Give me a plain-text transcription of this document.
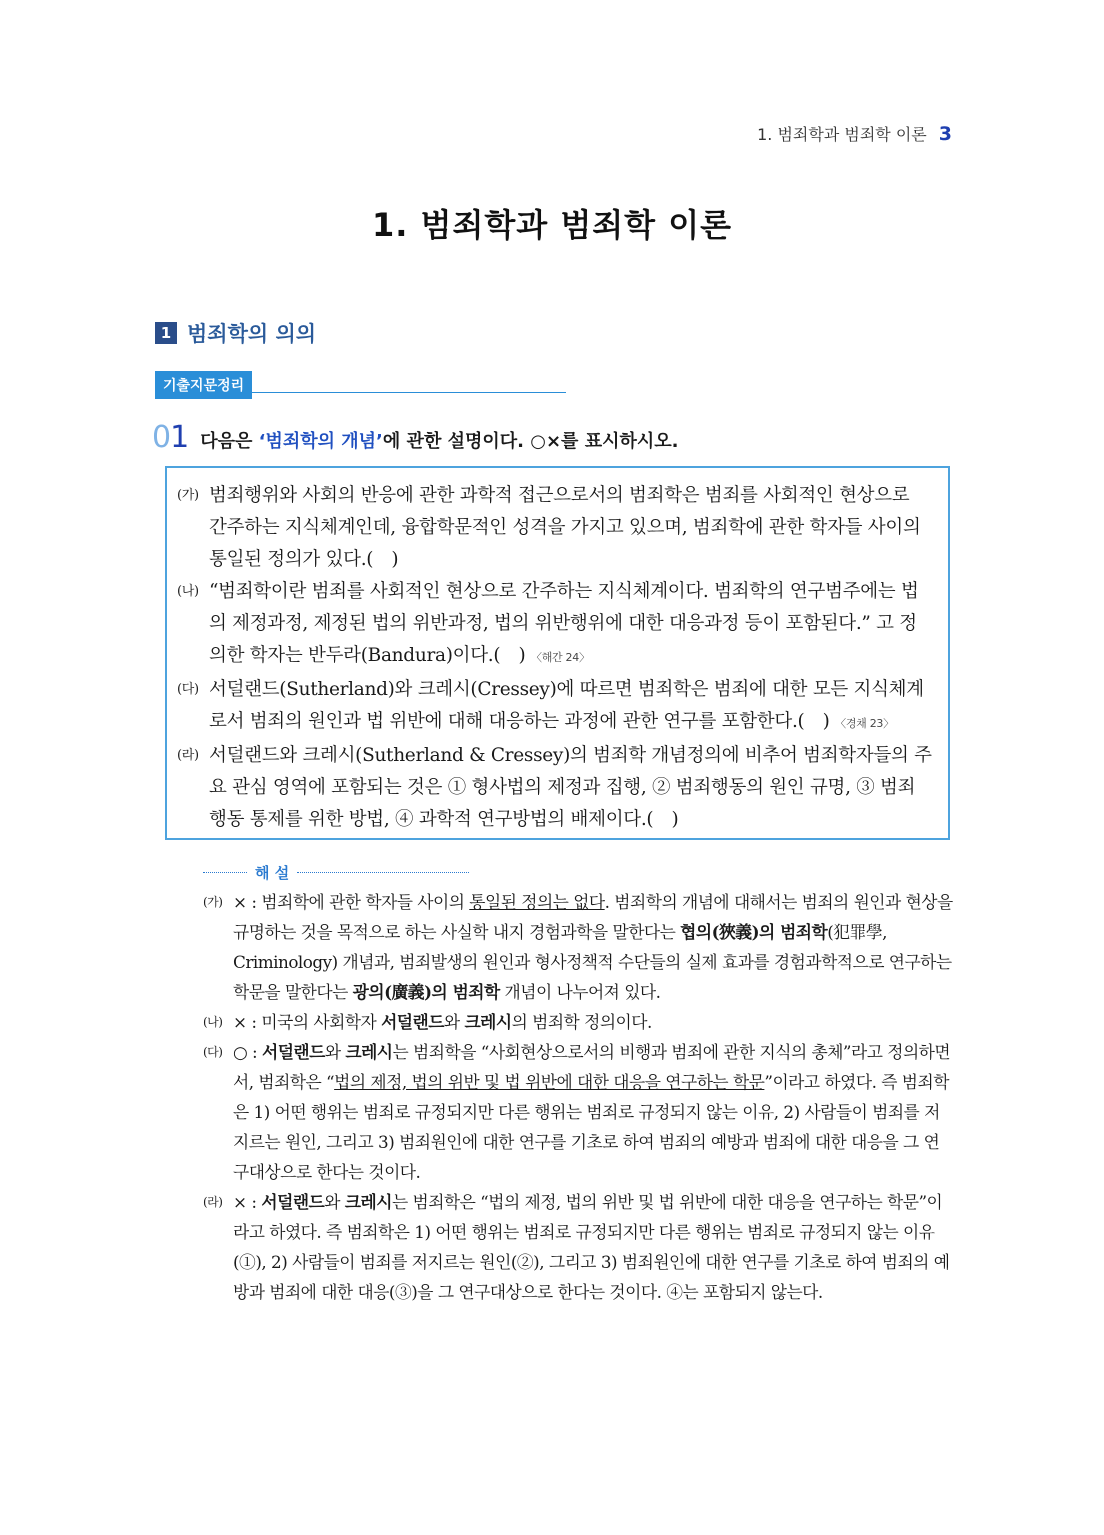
1. 범죄학과 범죄학 이론 3
1. 범죄학과 범죄학 이론
1 범죄학의 의의
기출지문정리
01 다음은 ‘범죄학의 개념’에 관한 설명이다. ○×를 표시하시오.
(가) 범죄행위와 사회의 반응에 관한 과학적 접근으로서의 범죄학은 범죄를 사회적인 현상으로 간주하는 지식체계인데, 융합학문적인 성격을 가지고 있으며, 범죄학에 관한 학자들 사이의 통일된 정의가 있다.(　)
(나) “범죄학이란 범죄를 사회적인 현상으로 간주하는 지식체계이다. 범죄학의 연구범주에는 법의 제정과정, 제정된 법의 위반과정, 법의 위반행위에 대한 대응과정 등이 포함된다.” 고 정의한 학자는 반두라(Bandura)이다.(　) 〈해간 24〉
(다) 서덜랜드(Sutherland)와 크레시(Cressey)에 따르면 범죄학은 범죄에 대한 모든 지식체계로서 범죄의 원인과 법 위반에 대해 대응하는 과정에 관한 연구를 포함한다.(　) 〈경채 23〉
(라) 서덜랜드와 크레시(Sutherland & Cressey)의 범죄학 개념정의에 비추어 범죄학자들의 주요 관심 영역에 포함되는 것은 ① 형사법의 제정과 집행, ② 범죄행동의 원인 규명, ③ 범죄행동 통제를 위한 방법, ④ 과학적 연구방법의 배제이다.(　)
해 설
(가) × : 범죄학에 관한 학자들 사이의 통일된 정의는 없다. 범죄학의 개념에 대해서는 범죄의 원인과 현상을 규명하는 것을 목적으로 하는 사실학 내지 경험과학을 말한다는 협의(狹義)의 범죄학(犯罪學, Criminology) 개념과, 범죄발생의 원인과 형사정책적 수단들의 실제 효과를 경험과학적으로 연구하는 학문을 말한다는 광의(廣義)의 범죄학 개념이 나누어져 있다.
(나) × : 미국의 사회학자 서덜랜드와 크레시의 범죄학 정의이다.
(다) ○ : 서덜랜드와 크레시는 범죄학을 “사회현상으로서의 비행과 범죄에 관한 지식의 총체”라고 정의하면서, 범죄학은 “법의 제정, 법의 위반 및 법 위반에 대한 대응을 연구하는 학문”이라고 하였다. 즉 범죄학은 1) 어떤 행위는 범죄로 규정되지만 다른 행위는 범죄로 규정되지 않는 이유, 2) 사람들이 범죄를 저지르는 원인, 그리고 3) 범죄원인에 대한 연구를 기초로 하여 범죄의 예방과 범죄에 대한 대응을 그 연구대상으로 한다는 것이다.
(라) × : 서덜랜드와 크레시는 범죄학은 “법의 제정, 법의 위반 및 법 위반에 대한 대응을 연구하는 학문”이라고 하였다. 즉 범죄학은 1) 어떤 행위는 범죄로 규정되지만 다른 행위는 범죄로 규정되지 않는 이유(①), 2) 사람들이 범죄를 저지르는 원인(②), 그리고 3) 범죄원인에 대한 연구를 기초로 하여 범죄의 예방과 범죄에 대한 대응(③)을 그 연구대상으로 한다는 것이다. ④는 포함되지 않는다.
